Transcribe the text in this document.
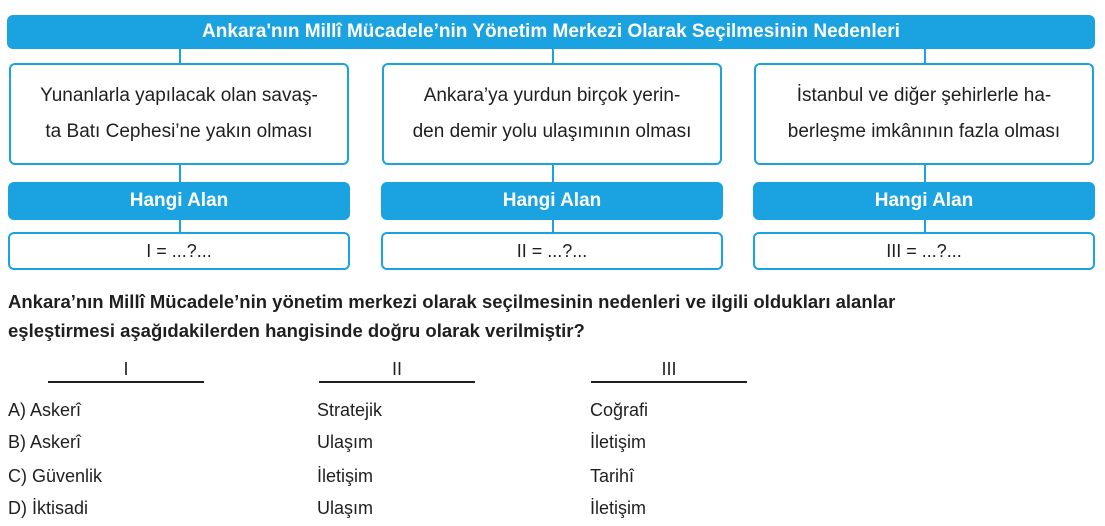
Ankara'nın Millî Mücadele’nin Yönetim Merkezi Olarak Seçilmesinin Nedenleri
Yunanlarla yapılacak olan savaş-
ta Batı Cephesi’ne yakın olması
Ankara’ya yurdun birçok yerin-
den demir yolu ulaşımının olması
İstanbul ve diğer şehirlerle ha-
berleşme imkânının fazla olması
Hangi Alan	Hangi Alan	Hangi Alan
I = ...?...	II = ...?...	III = ...?...
Ankara’nın Millî Mücadele’nin yönetim merkezi olarak seçilmesinin nedenleri ve ilgili oldukları alanlar
eşleştirmesi aşağıdakilerden hangisinde doğru olarak verilmiştir?
I	II	III
A) Askerî	Stratejik	Coğrafi
B) Askerî	Ulaşım	İletişim
C) Güvenlik	İletişim	Tarihî
D) İktisadi	Ulaşım	İletişim
